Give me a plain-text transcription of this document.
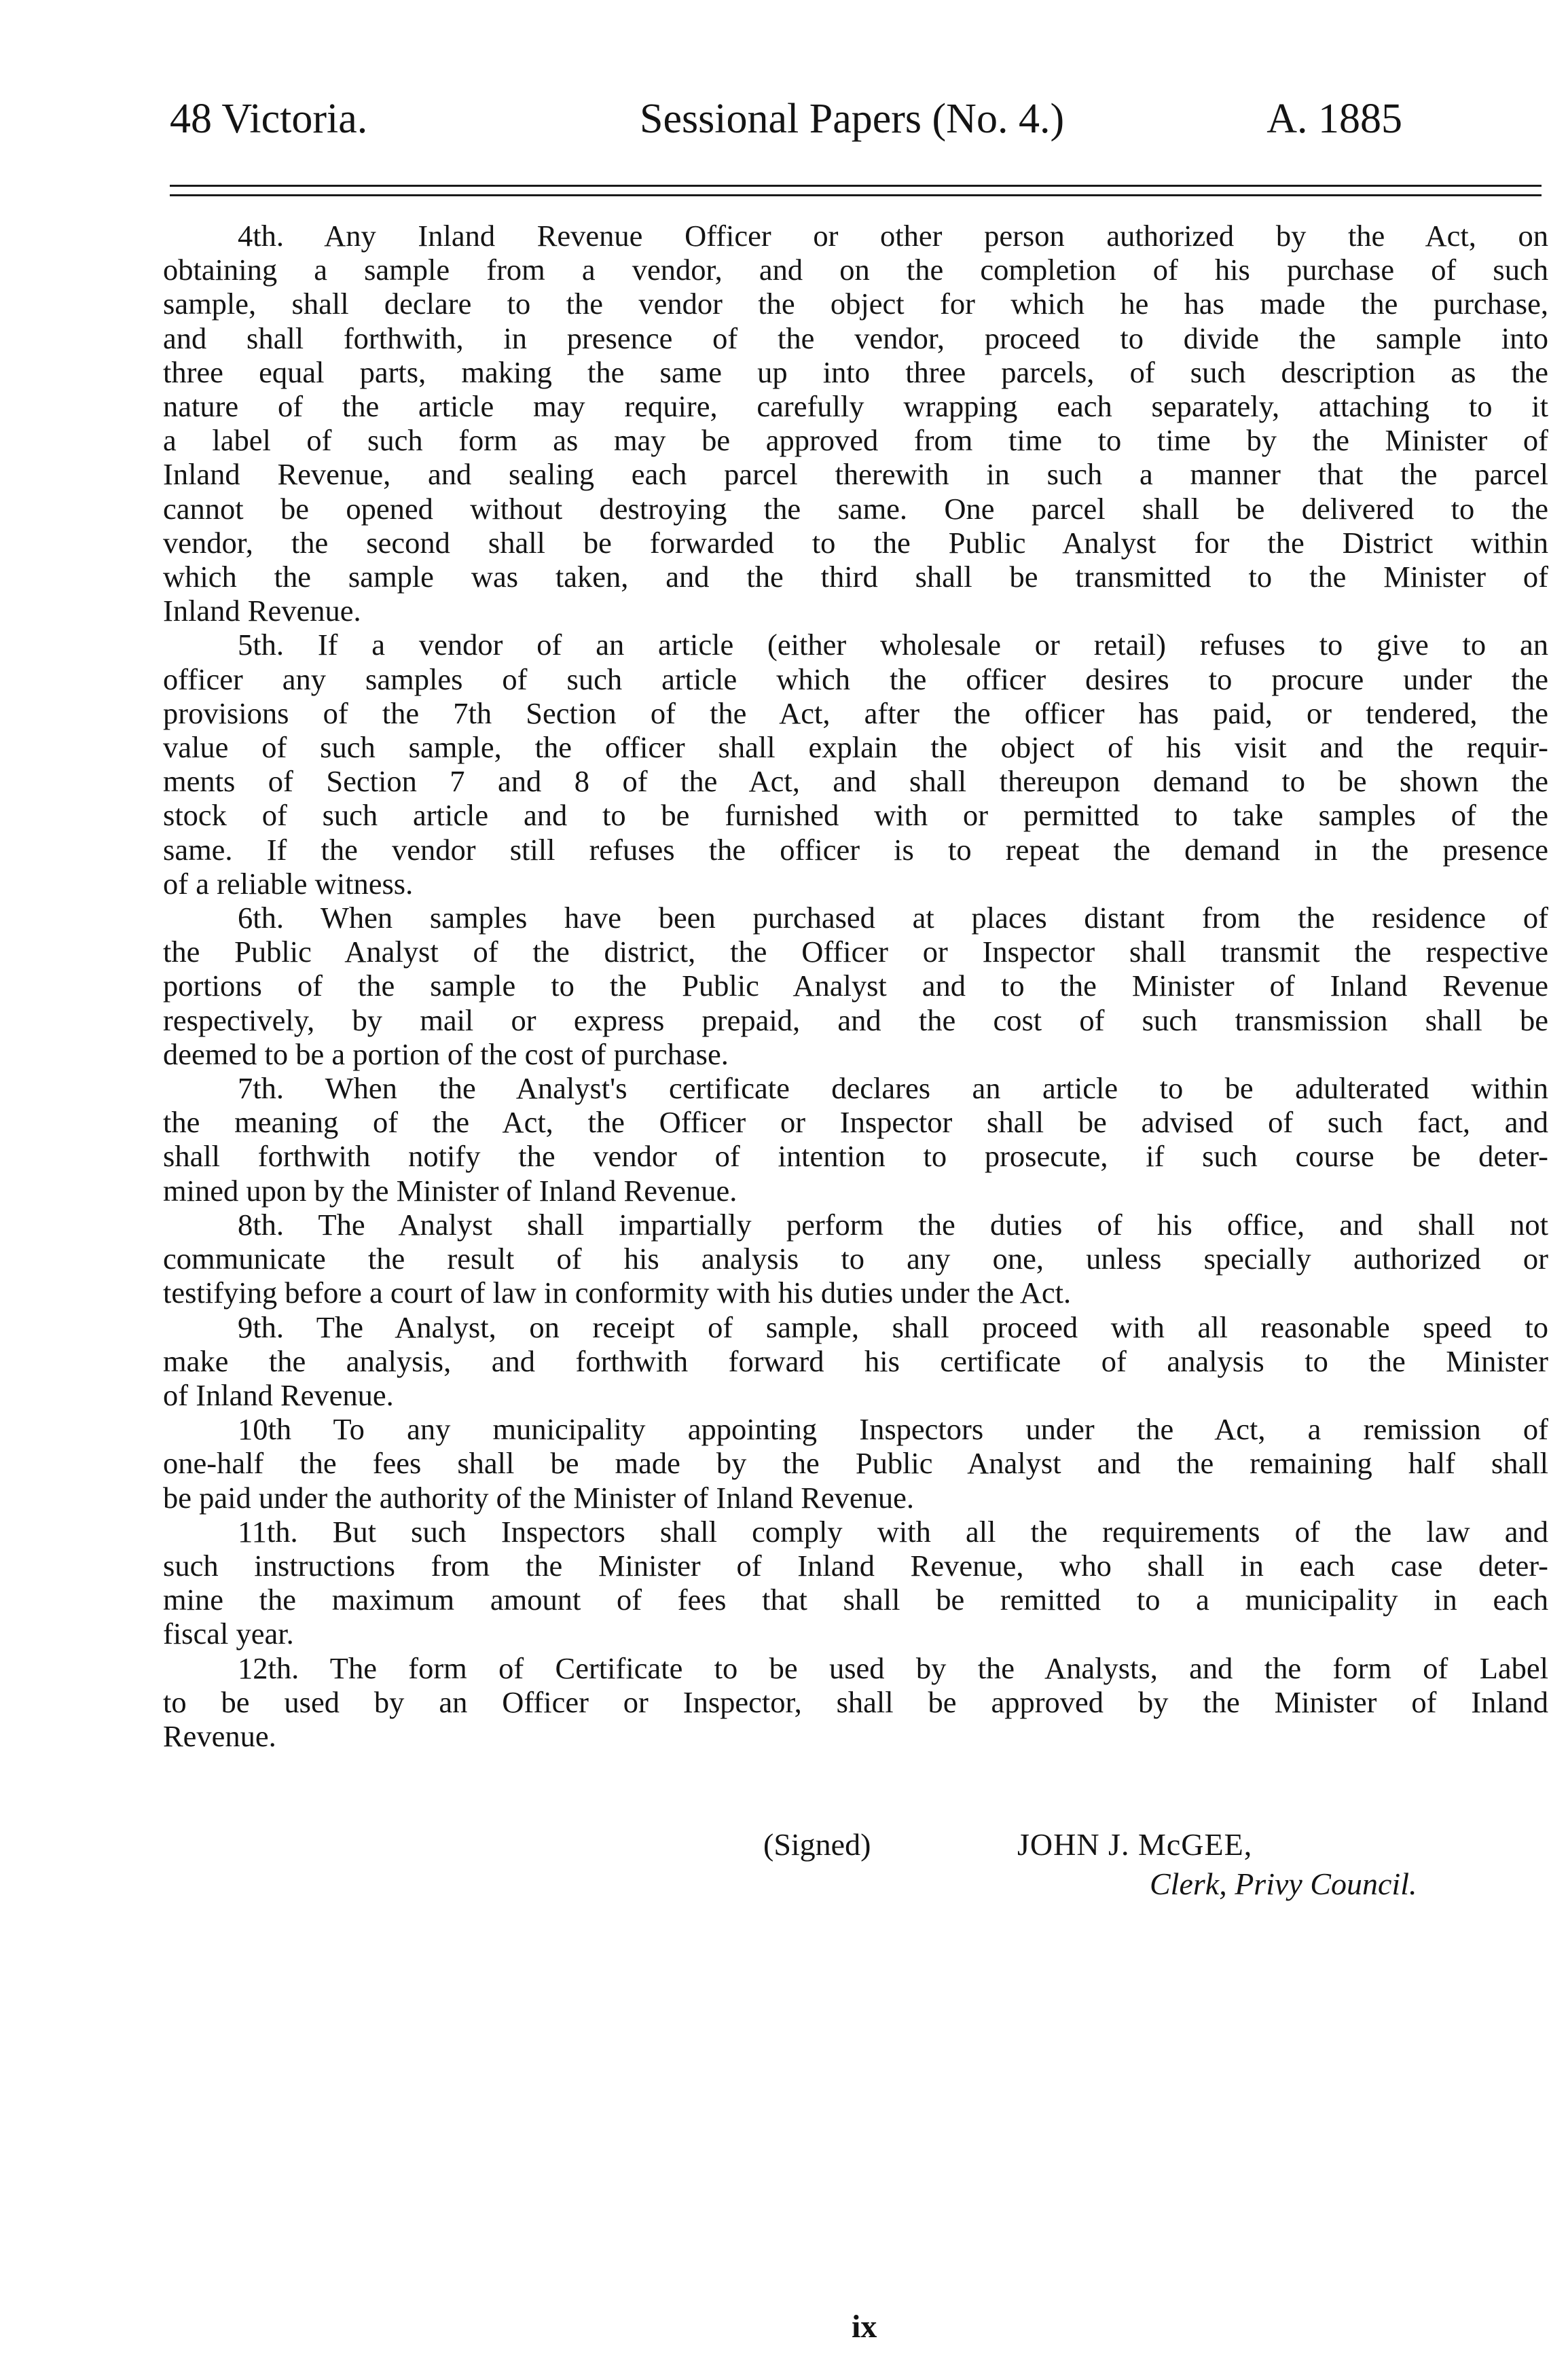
48 Victoria.	Sessional Papers (No. 4.)	A. 1885
4th. Any Inland Revenue Officer or other person authorized by the Act, on
obtaining a sample from a vendor, and on the completion of his purchase of such
sample, shall declare to the vendor the object for which he has made the purchase,
and shall forthwith, in presence of the vendor, proceed to divide the sample into
three equal parts, making the same up into three parcels, of such description as the
nature of the article may require, carefully wrapping each separately, attaching to it
a label of such form as may be approved from time to time by the Minister of
Inland Revenue, and sealing each parcel therewith in such a manner that the parcel
cannot be opened without destroying the same. One parcel shall be delivered to the
vendor, the second shall be forwarded to the Public Analyst for the District within
which the sample was taken, and the third shall be transmitted to the Minister of
Inland Revenue.
5th. If a vendor of an article (either wholesale or retail) refuses to give to an
officer any samples of such article which the officer desires to procure under the
provisions of the 7th Section of the Act, after the officer has paid, or tendered, the
value of such sample, the officer shall explain the object of his visit and the requir-
ments of Section 7 and 8 of the Act, and shall thereupon demand to be shown the
stock of such article and to be furnished with or permitted to take samples of the
same. If the vendor still refuses the officer is to repeat the demand in the presence
of a reliable witness.
6th. When samples have been purchased at places distant from the residence of
the Public Analyst of the district, the Officer or Inspector shall transmit the respective
portions of the sample to the Public Analyst and to the Minister of Inland Revenue
respectively, by mail or express prepaid, and the cost of such transmission shall be
deemed to be a portion of the cost of purchase.
7th. When the Analyst's certificate declares an article to be adulterated within
the meaning of the Act, the Officer or Inspector shall be advised of such fact, and
shall forthwith notify the vendor of intention to prosecute, if such course be deter-
mined upon by the Minister of Inland Revenue.
8th. The Analyst shall impartially perform the duties of his office, and shall not
communicate the result of his analysis to any one, unless specially authorized or
testifying before a court of law in conformity with his duties under the Act.
9th. The Analyst, on receipt of sample, shall proceed with all reasonable speed to
make the analysis, and forthwith forward his certificate of analysis to the Minister
of Inland Revenue.
10th To any municipality appointing Inspectors under the Act, a remission of
one-half the fees shall be made by the Public Analyst and the remaining half shall
be paid under the authority of the Minister of Inland Revenue.
11th. But such Inspectors shall comply with all the requirements of the law and
such instructions from the Minister of Inland Revenue, who shall in each case deter-
mine the maximum amount of fees that shall be remitted to a municipality in each
fiscal year.
12th. The form of Certificate to be used by the Analysts, and the form of Label
to be used by an Officer or Inspector, shall be approved by the Minister of Inland
Revenue.
(Signed)	JOHN J. McGEE,
Clerk, Privy Council.
ix
